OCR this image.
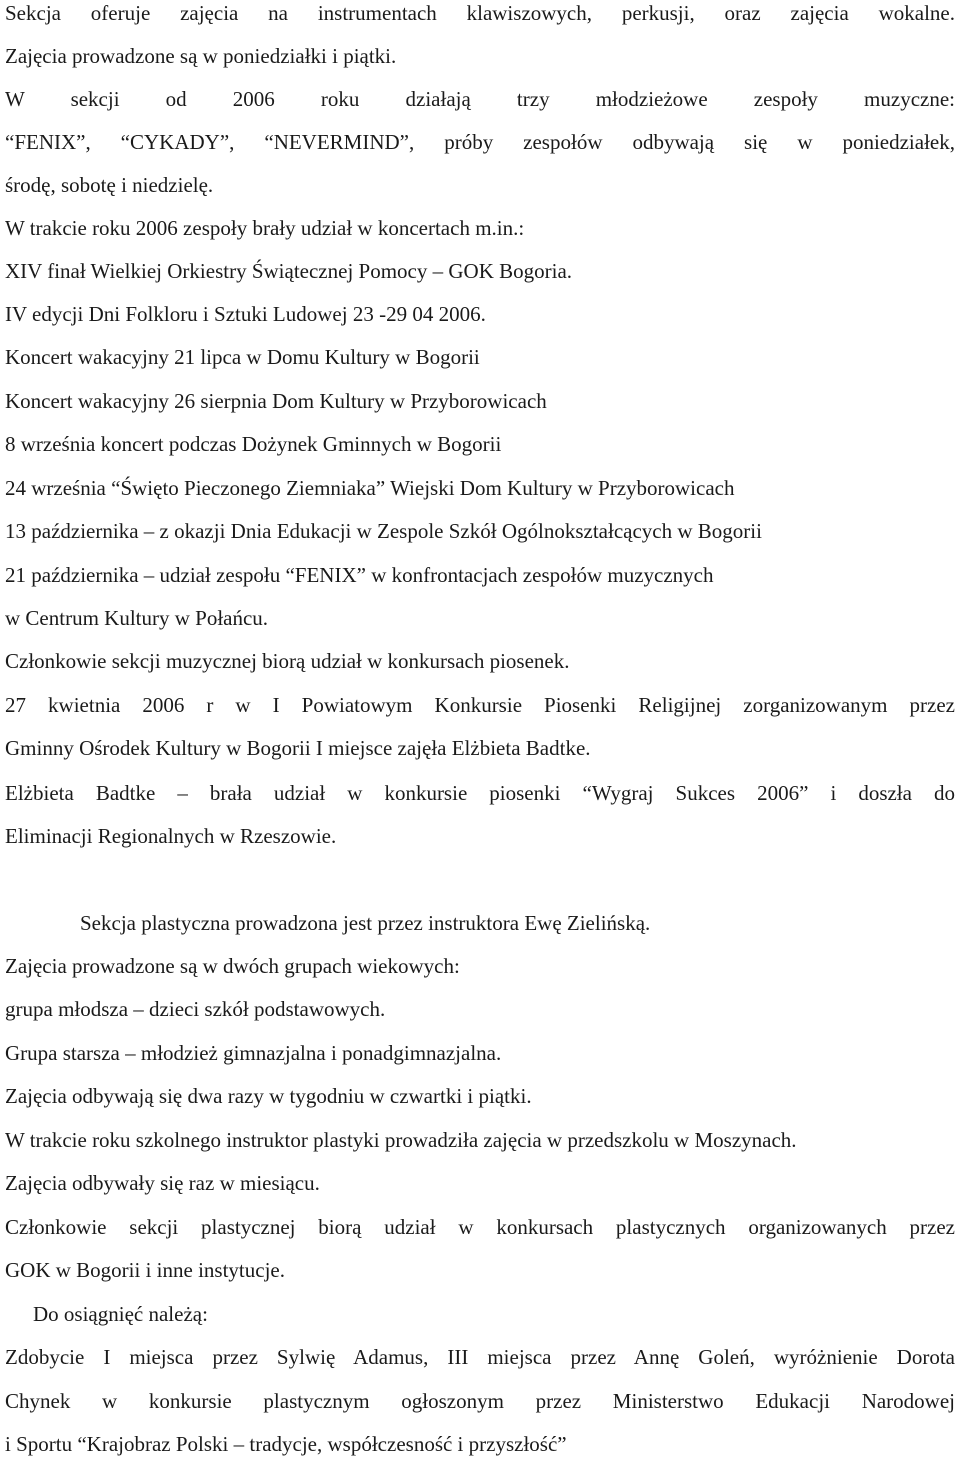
Sekcja oferuje zajęcia na instrumentach klawiszowych, perkusji, oraz zajęcia wokalne.
Zajęcia prowadzone są w poniedziałki i piątki.
W sekcji od 2006 roku działają trzy młodzieżowe zespoły muzyczne:
“FENIX”, “CYKADY”, “NEVERMIND”, próby zespołów odbywają się w poniedziałek,
środę, sobotę i niedzielę.
W trakcie roku 2006 zespoły brały udział w koncertach m.in.:
XIV finał Wielkiej Orkiestry Świątecznej Pomocy – GOK Bogoria.
IV edycji Dni Folkloru i Sztuki Ludowej 23 -29 04 2006.
Koncert wakacyjny 21 lipca w Domu Kultury w Bogorii
Koncert wakacyjny 26 sierpnia Dom Kultury w Przyborowicach
8 września koncert podczas Dożynek Gminnych w Bogorii
24 września “Święto Pieczonego Ziemniaka” Wiejski Dom Kultury w Przyborowicach
13 października – z okazji Dnia Edukacji w Zespole Szkół Ogólnokształcących w Bogorii
21 października – udział zespołu “FENIX” w konfrontacjach zespołów muzycznych
w Centrum Kultury w Połańcu.
Członkowie sekcji muzycznej biorą udział w konkursach piosenek.
27 kwietnia 2006 r w I Powiatowym Konkursie Piosenki Religijnej zorganizowanym przez
Gminny Ośrodek Kultury w Bogorii I miejsce zajęła Elżbieta Badtke.
Elżbieta Badtke – brała udział w konkursie piosenki “Wygraj Sukces 2006” i doszła do
Eliminacji Regionalnych w Rzeszowie.
Sekcja plastyczna prowadzona jest przez instruktora Ewę Zielińską.
Zajęcia prowadzone są w dwóch grupach wiekowych:
grupa młodsza – dzieci szkół podstawowych.
Grupa starsza – młodzież gimnazjalna i ponadgimnazjalna.
Zajęcia odbywają się dwa razy w tygodniu w czwartki i piątki.
W trakcie roku szkolnego instruktor plastyki prowadziła zajęcia w przedszkolu w Moszynach.
Zajęcia odbywały się raz w miesiącu.
Członkowie sekcji plastycznej biorą udział w konkursach plastycznych organizowanych przez
GOK w Bogorii i inne instytucje.
Do osiągnięć należą:
Zdobycie I miejsca przez Sylwię Adamus, III miejsca przez Annę Goleń, wyróżnienie Dorota
Chynek w konkursie plastycznym ogłoszonym przez Ministerstwo Edukacji Narodowej
i Sportu “Krajobraz Polski – tradycje, współczesność i przyszłość”
